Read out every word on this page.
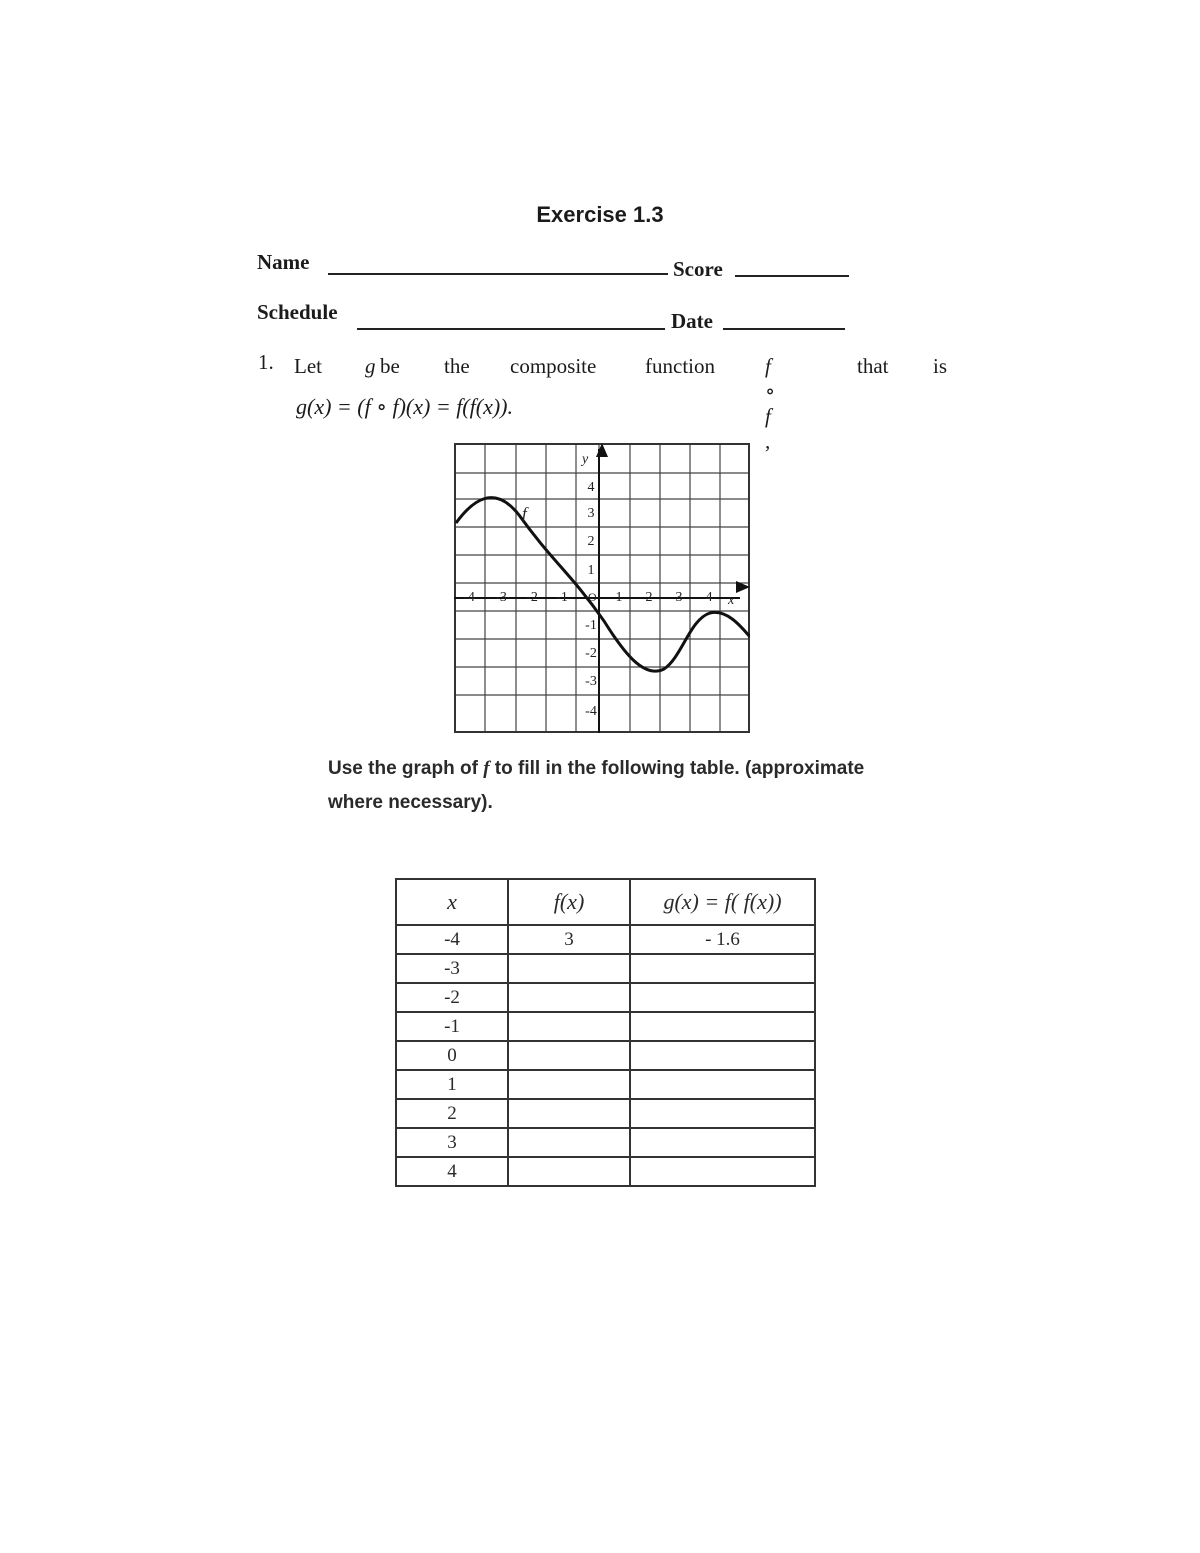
Exercise 1.3
Name	Score
Schedule	Date
1. Let g be the composite function f ∘ f ,
that is
g(x) = (f ∘ f)(x) = f(f(x)).
y
x
f
O
-4 -3 -2 -1	1 2 3 4
4
3
2
1
-1
-2
-3
-4
Use the graph of f to fill in the following table. (approximate
where necessary).
x	f(x)	g(x) = f( f(x))
-4	3	- 1.6
-3		
-2		
-1		
0		
1		
2		
3		
4		
